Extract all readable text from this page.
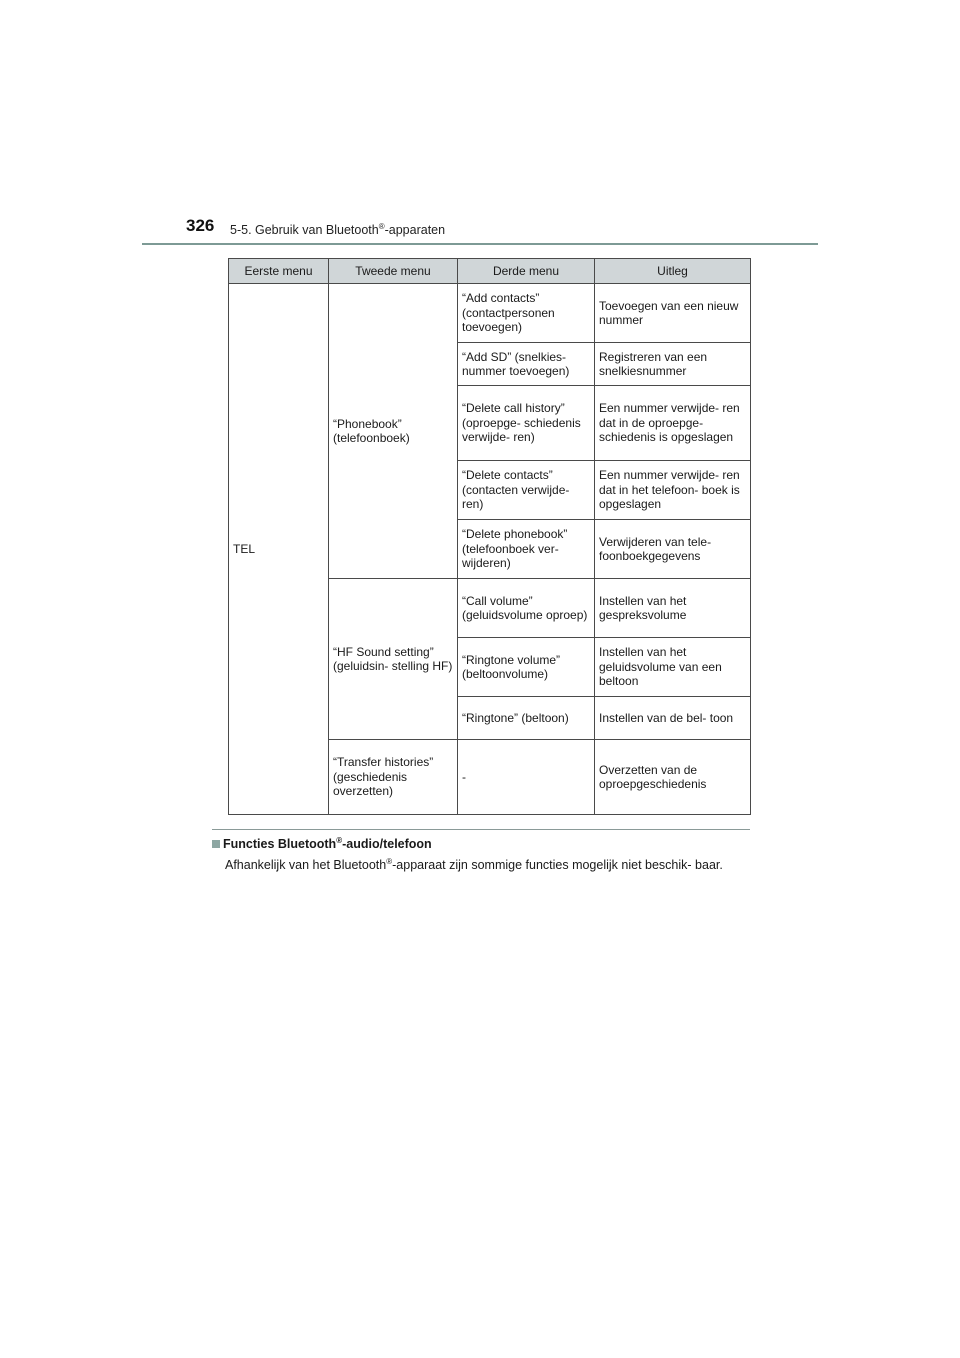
326 5-5. Gebruik van Bluetooth®-apparaten
Eerste menu	Tweede menu	Derde menu	Uitleg
TEL	“Phonebook” (telefoonboek)	“Add contacts” (contactpersonen toevoegen)	Toevoegen van een nieuw nummer
		“Add SD” (snelkies- nummer toevoegen)	Registreren van een snelkiesnummer
		“Delete call history” (oproepge- schiedenis verwijde- ren)	Een nummer verwijde- ren dat in de oproepge- schiedenis is opgeslagen
		“Delete contacts” (contacten verwijde- ren)	Een nummer verwijde- ren dat in het telefoon- boek is opgeslagen
		“Delete phonebook” (telefoonboek ver- wijderen)	Verwijderen van tele- foonboekgegevens
	“HF Sound setting” (geluidsin- stelling HF)	“Call volume” (geluidsvolume oproep)	Instellen van het gespreksvolume
		“Ringtone volume” (beltoonvolume)	Instellen van het geluidsvolume van een beltoon
		“Ringtone” (beltoon)	Instellen van de bel- toon
	“Transfer histories” (geschiedenis overzetten)	-	Overzetten van de oproepgeschiedenis
Functies Bluetooth®-audio/telefoon
Afhankelijk van het Bluetooth®-apparaat zijn sommige functies mogelijk niet beschik- baar.
